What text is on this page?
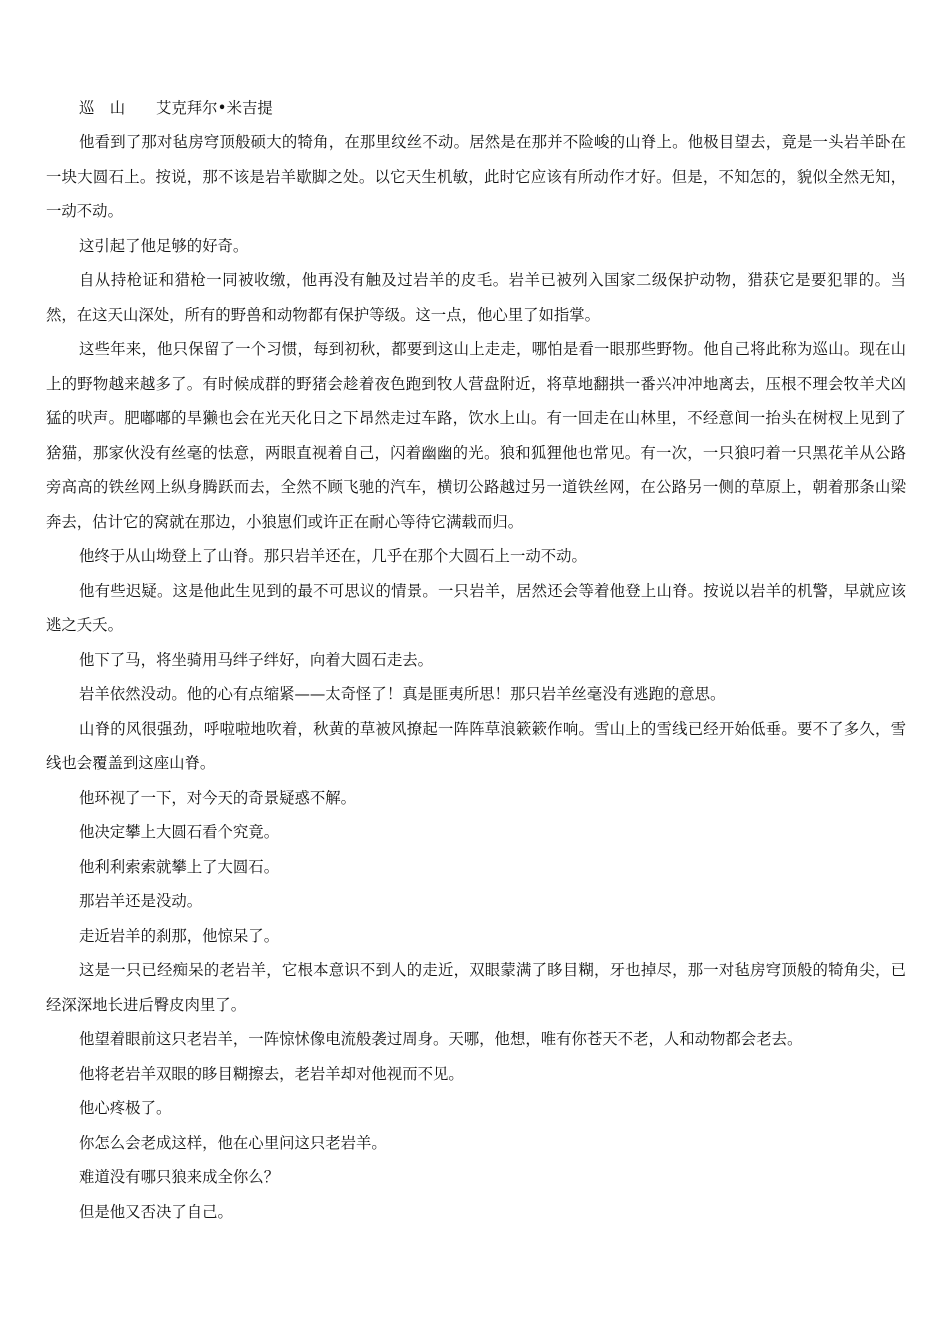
巡　山　　艾克拜尔•米吉提

他看到了那对毡房穹顶般硕大的犄角，在那里纹丝不动。居然是在那并不险峻的山脊上。他极目望去，竟是一头岩羊卧在一块大圆石上。按说，那不该是岩羊歇脚之处。以它天生机敏，此时它应该有所动作才好。但是，不知怎的，貌似全然无知，一动不动。

这引起了他足够的好奇。

自从持枪证和猎枪一同被收缴，他再没有触及过岩羊的皮毛。岩羊已被列入国家二级保护动物，猎获它是要犯罪的。当然，在这天山深处，所有的野兽和动物都有保护等级。这一点，他心里了如指掌。

这些年来，他只保留了一个习惯，每到初秋，都要到这山上走走，哪怕是看一眼那些野物。他自己将此称为巡山。现在山上的野物越来越多了。有时候成群的野猪会趁着夜色跑到牧人营盘附近，将草地翻拱一番兴冲冲地离去，压根不理会牧羊犬凶猛的吠声。肥嘟嘟的旱獭也会在光天化日之下昂然走过车路，饮水上山。有一回走在山林里，不经意间一抬头在树杈上见到了猞猫，那家伙没有丝毫的怯意，两眼直视着自己，闪着幽幽的光。狼和狐狸他也常见。有一次，一只狼叼着一只黑花羊从公路旁高高的铁丝网上纵身腾跃而去，全然不顾飞驰的汽车，横切公路越过另一道铁丝网，在公路另一侧的草原上，朝着那条山梁奔去，估计它的窝就在那边，小狼崽们或许正在耐心等待它满载而归。

他终于从山坳登上了山脊。那只岩羊还在，几乎在那个大圆石上一动不动。

他有些迟疑。这是他此生见到的最不可思议的情景。一只岩羊，居然还会等着他登上山脊。按说以岩羊的机警，早就应该逃之夭夭。

他下了马，将坐骑用马绊子绊好，向着大圆石走去。

岩羊依然没动。他的心有点缩紧——太奇怪了！真是匪夷所思！那只岩羊丝毫没有逃跑的意思。

山脊的风很强劲，呼啦啦地吹着，秋黄的草被风撩起一阵阵草浪簌簌作响。雪山上的雪线已经开始低垂。要不了多久，雪线也会覆盖到这座山脊。

他环视了一下，对今天的奇景疑惑不解。

他决定攀上大圆石看个究竟。

他利利索索就攀上了大圆石。

那岩羊还是没动。

走近岩羊的刹那，他惊呆了。

这是一只已经痴呆的老岩羊，它根本意识不到人的走近，双眼蒙满了眵目糊，牙也掉尽，那一对毡房穹顶般的犄角尖，已经深深地长进后臀皮肉里了。

他望着眼前这只老岩羊，一阵惊怵像电流般袭过周身。天哪，他想，唯有你苍天不老，人和动物都会老去。

他将老岩羊双眼的眵目糊擦去，老岩羊却对他视而不见。

他心疼极了。

你怎么会老成这样，他在心里问这只老岩羊。

难道没有哪只狼来成全你么？

但是他又否决了自己。
